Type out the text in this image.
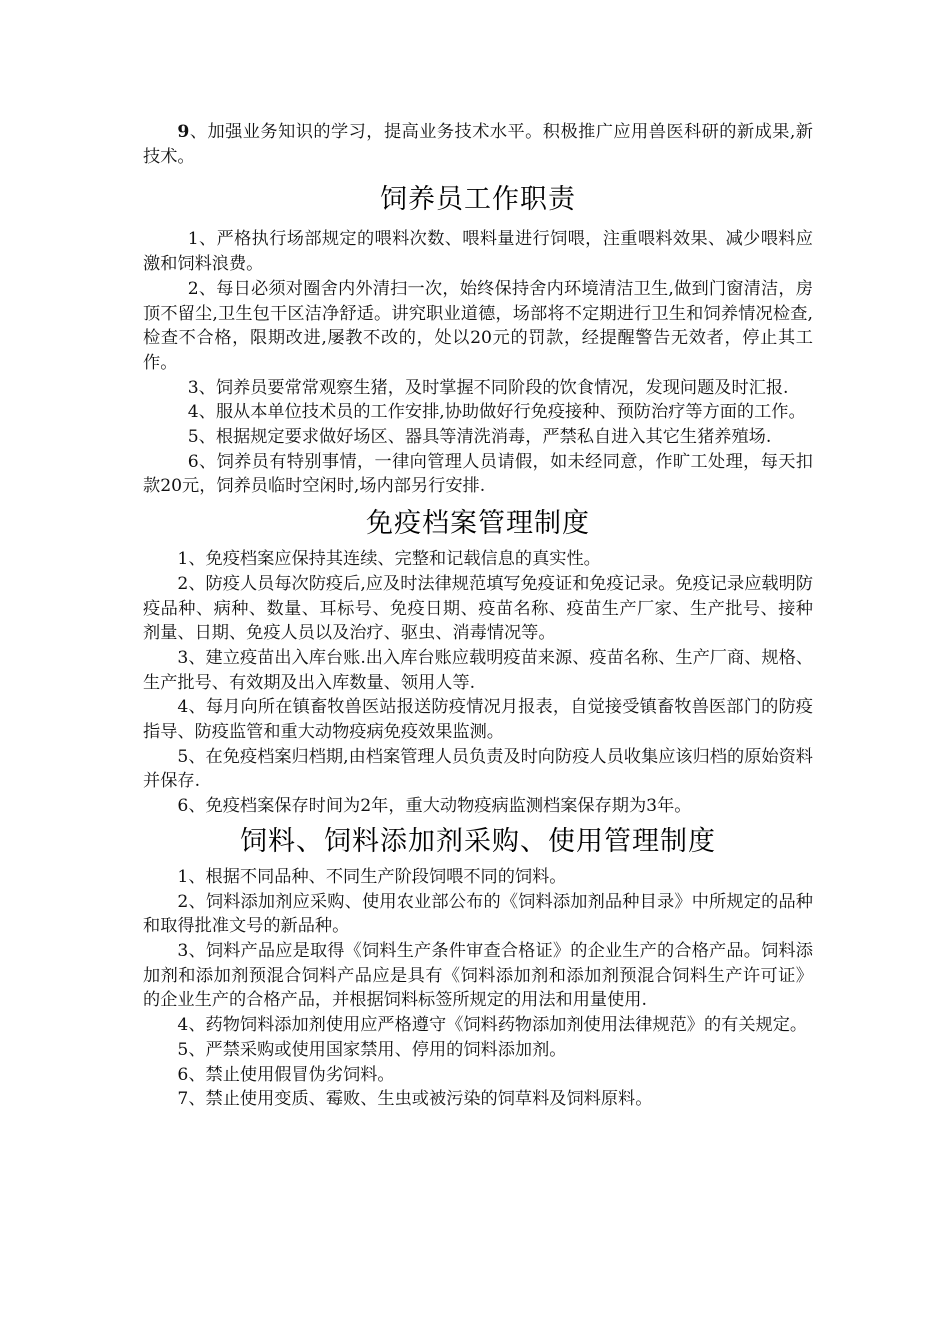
9、加强业务知识的学习，提高业务技术水平。积极推广应用兽医科研的新成果,新技术。

饲养员工作职责

1、严格执行场部规定的喂料次数、喂料量进行饲喂，注重喂料效果、减少喂料应激和饲料浪费。

2、每日必须对圈舍内外清扫一次，始终保持舍内环境清洁卫生,做到门窗清洁，房顶不留尘,卫生包干区洁净舒适。讲究职业道德，场部将不定期进行卫生和饲养情况检查,检查不合格，限期改进,屡教不改的，处以20元的罚款，经提醒警告无效者，停止其工作。

3、饲养员要常常观察生猪，及时掌握不同阶段的饮食情况，发现问题及时汇报.

4、服从本单位技术员的工作安排,协助做好行免疫接种、预防治疗等方面的工作。

5、根据规定要求做好场区、器具等清洗消毒，严禁私自进入其它生猪养殖场.

6、饲养员有特别事情，一律向管理人员请假，如未经同意，作旷工处理，每天扣款20元，饲养员临时空闲时,场内部另行安排.

免疫档案管理制度

1、免疫档案应保持其连续、完整和记载信息的真实性。

2、防疫人员每次防疫后,应及时法律规范填写免疫证和免疫记录。免疫记录应载明防疫品种、病种、数量、耳标号、免疫日期、疫苗名称、疫苗生产厂家、生产批号、接种剂量、日期、免疫人员以及治疗、驱虫、消毒情况等。

3、建立疫苗出入库台账.出入库台账应载明疫苗来源、疫苗名称、生产厂商、规格、生产批号、有效期及出入库数量、领用人等.

4、每月向所在镇畜牧兽医站报送防疫情况月报表，自觉接受镇畜牧兽医部门的防疫指导、防疫监管和重大动物疫病免疫效果监测。

5、在免疫档案归档期,由档案管理人员负责及时向防疫人员收集应该归档的原始资料并保存.

6、免疫档案保存时间为2年，重大动物疫病监测档案保存期为3年。

饲料、饲料添加剂采购、使用管理制度

1、根据不同品种、不同生产阶段饲喂不同的饲料。

2、饲料添加剂应采购、使用农业部公布的《饲料添加剂品种目录》中所规定的品种和取得批准文号的新品种。

3、饲料产品应是取得《饲料生产条件审查合格证》的企业生产的合格产品。饲料添加剂和添加剂预混合饲料产品应是具有《饲料添加剂和添加剂预混合饲料生产许可证》的企业生产的合格产品，并根据饲料标签所规定的用法和用量使用.

4、药物饲料添加剂使用应严格遵守《饲料药物添加剂使用法律规范》的有关规定。

5、严禁采购或使用国家禁用、停用的饲料添加剂。

6、禁止使用假冒伪劣饲料。

7、禁止使用变质、霉败、生虫或被污染的饲草料及饲料原料。
